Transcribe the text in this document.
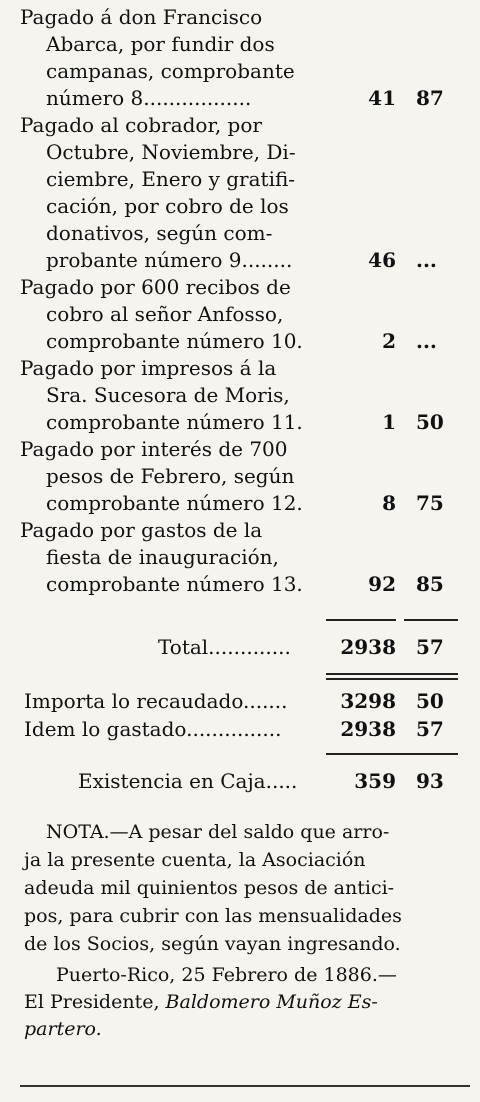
Pagado á don Francisco
Abarca, por fundir dos
campanas, comprobante
número 8.................	41 87
Pagado al cobrador, por
Octubre, Noviembre, Di-
ciembre, Enero y gratifi-
cación, por cobro de los
donativos, según com-
probante número 9........	46 ...
Pagado por 600 recibos de
cobro al señor Anfosso,
comprobante número 10.	2 ...
Pagado por impresos á la
Sra. Sucesora de Moris,
comprobante número 11.	1 50
Pagado por interés de 700
pesos de Febrero, según
comprobante número 12.	8 75
Pagado por gastos de la
fiesta de inauguración,
comprobante número 13.	92 85
Total............. 2938 57
Importa lo recaudado.......	3298 50
Idem lo gastado...............	2938 57
Existencia en Caja.....	359 93
NOTA.—A pesar del saldo que arro-
ja la presente cuenta, la Asociación
adeuda mil quinientos pesos de antici-
pos, para cubrir con las mensualidades
de los Socios, según vayan ingresando.
Puerto-Rico, 25 Febrero de 1886.—
El Presidente, Baldomero Muñoz Es-
partero.
